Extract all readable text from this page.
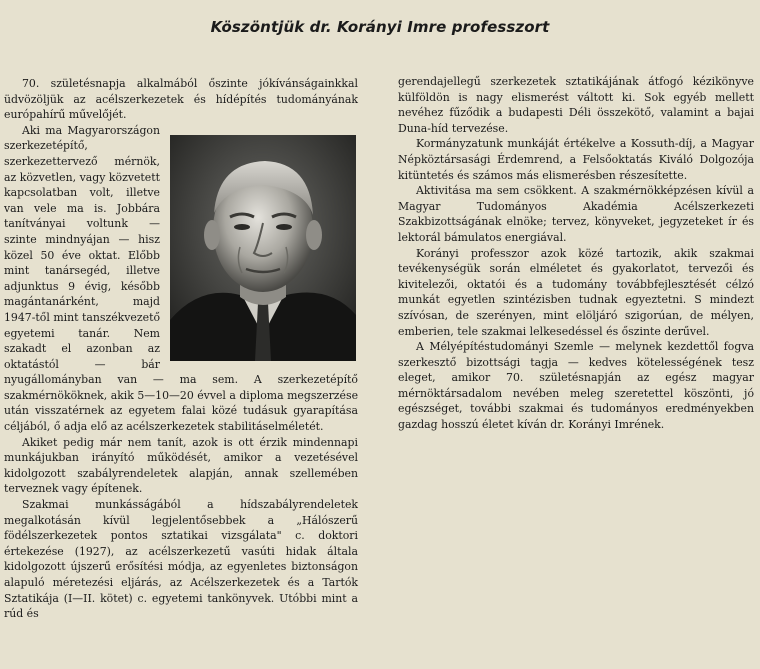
Köszöntjük dr. Korányi Imre professzort

70. születésnapja alkalmából őszinte jókívánságainkkal üdvözöljük az acélszerkezetek és hídépítés tudományának európahírű művelőjét.

Aki ma Magyarországon szerkezetépítő, szerkezettervező mérnök, az közvetlen, vagy közvetett kapcsolatban volt, illetve van vele ma is. Jobbára tanítványai voltunk — szinte mindnyájan — hisz közel 50 éve oktat. Előbb mint tanársegéd, illetve adjunktus 9 évig, később magántanárként, majd 1947-től mint tanszékvezető egyetemi tanár. Nem szakadt el azonban az oktatástól — bár nyugállományban van — ma sem. A szerkezetépítő szakmérnököknek, akik 5—10—20 évvel a diploma megszerzése után visszatérnek az egyetem falai közé tudásuk gyarapítása céljából, ő adja elő az acélszerkezetek stabilitáselméletét.

Akiket pedig már nem tanít, azok is ott érzik mindennapi munkájukban irányító működését, amikor a vezetésével kidolgozott szabályrendeletek alapján, annak szellemében terveznek vagy építenek.

Szakmai munkásságából a hídszabályrendeletek megalkotásán kívül legjelentősebbek a „Hálószerű födélszerkezetek pontos sztatikai vizsgálata" c. doktori értekezése (1927), az acélszerkezetű vasúti hidak általa kidolgozott újszerű erősítési módja, az egyenletes biztonságon alapuló méretezési eljárás, az Acélszerkezetek és a Tartók Sztatikája (I—II. kötet) c. egyetemi tankönyvek. Utóbbi mint a rúd és

gerendajellegű szerkezetek sztatikájának átfogó kézikönyve külföldön is nagy elismerést váltott ki. Sok egyéb mellett nevéhez fűződik a budapesti Déli összekötő, valamint a bajai Duna-híd tervezése.

Kormányzatunk munkáját értékelve a Kossuth-díj, a Magyar Népköztársasági Érdemrend, a Felsőoktatás Kiváló Dolgozója kitüntetés és számos más elismerésben részesítette.

Aktivitása ma sem csökkent. A szakmérnökképzésen kívül a Magyar Tudományos Akadémia Acélszerkezeti Szakbizottságának elnöke; tervez, könyveket, jegyzeteket ír és lektorál bámulatos energiával.

Korányi professzor azok közé tartozik, akik szakmai tevékenységük során elméletet és gyakorlatot, tervezői és kivitelezői, oktatói és a tudomány továbbfejlesztését célzó munkát egyetlen szintézisben tudnak egyeztetni. S mindezt szívósan, de szerényen, mint elöljáró szigorúan, de mélyen, emberien, tele szakmai lelkesedéssel és őszinte derűvel.

A Mélyépítéstudományi Szemle — melynek kezdettől fogva szerkesztő bizottsági tagja — kedves kötelességének tesz eleget, amikor 70. születésnapján az egész magyar mérnöktársadalom nevében meleg szeretettel köszönti, jó egészséget, további szakmai és tudományos eredményekben gazdag hosszú életet kíván dr. Korányi Imrének.
